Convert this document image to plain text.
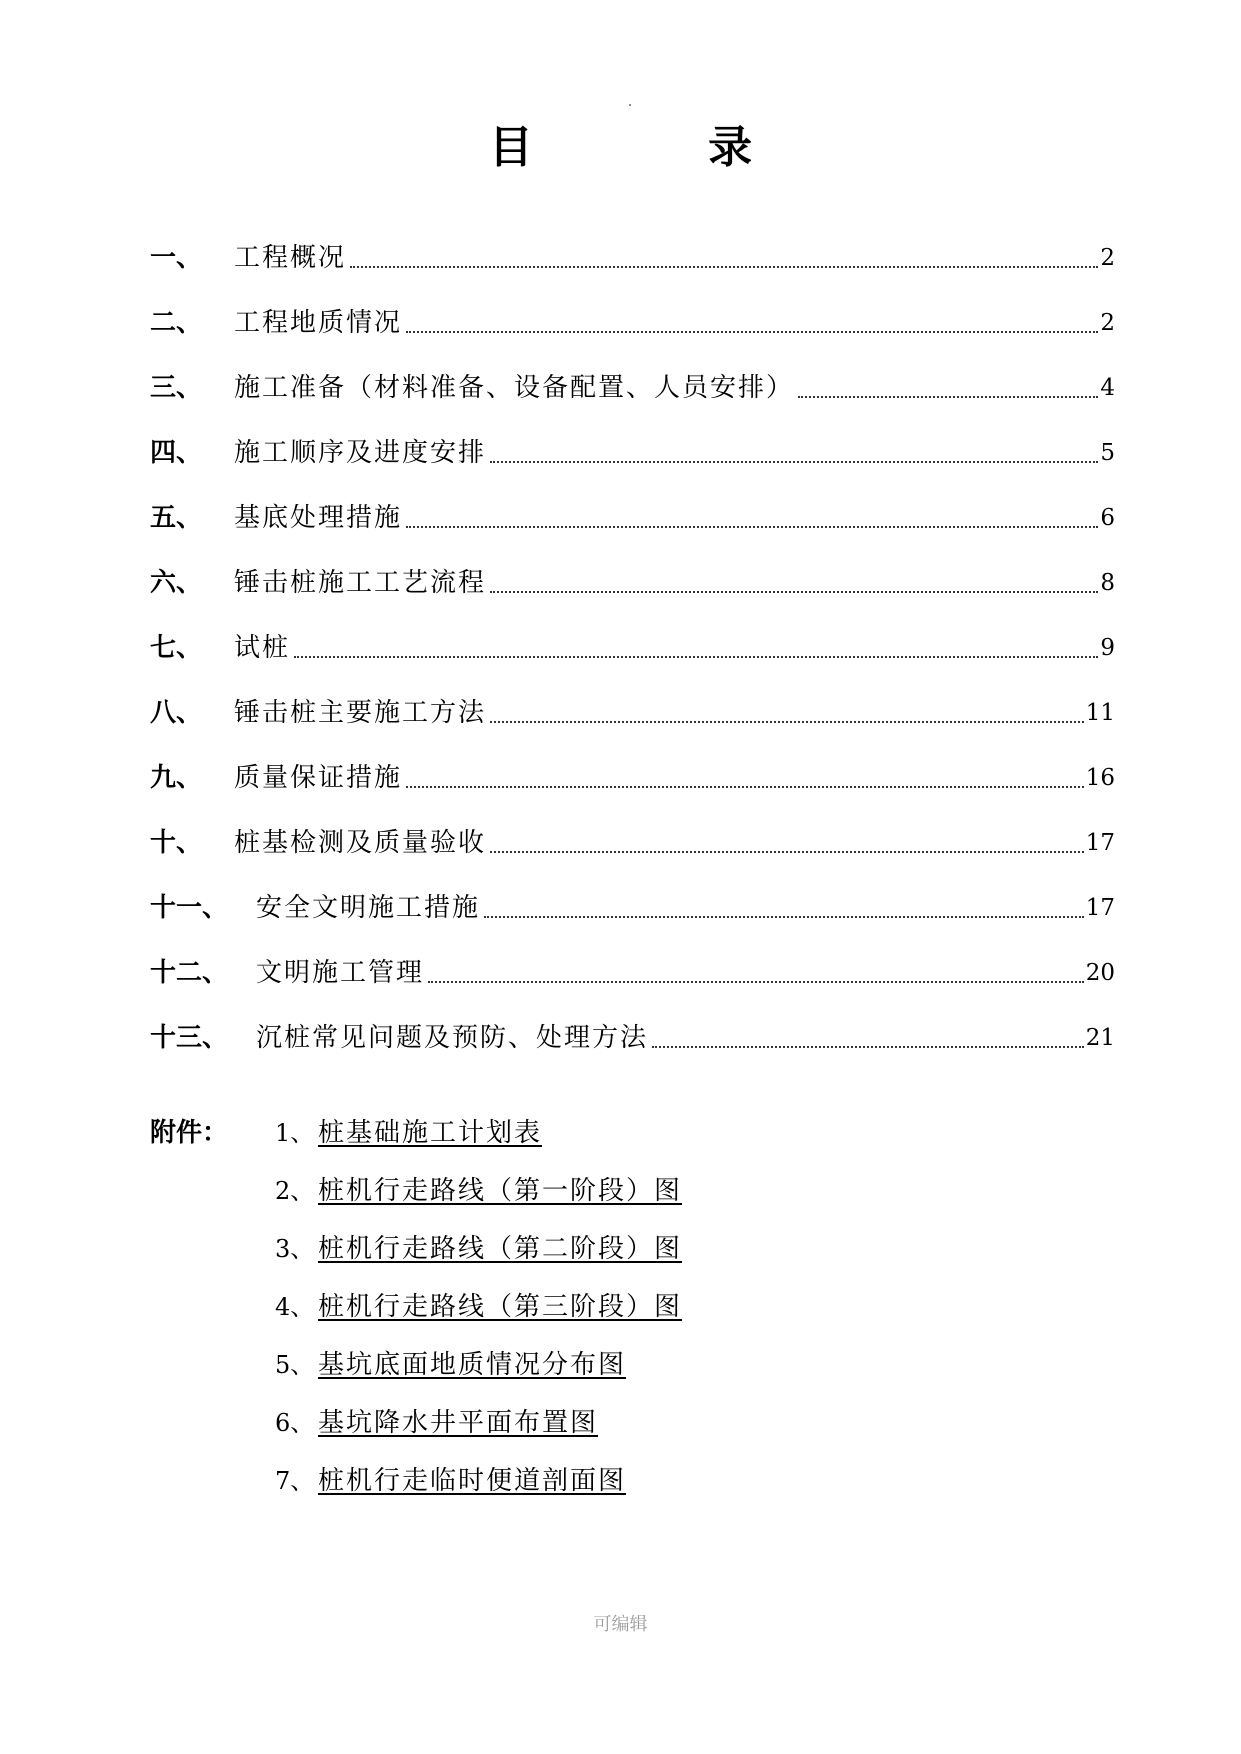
目 录
一、	工程概况	2
二、	工程地质情况	2
三、	施工准备（材料准备、设备配置、人员安排）	4
四、	施工顺序及进度安排	5
五、	基底处理措施	6
六、	锤击桩施工工艺流程	8
七、	试桩	9
八、	锤击桩主要施工方法	11
九、	质量保证措施	16
十、	桩基检测及质量验收	17
十一、	安全文明施工措施	17
十二、	文明施工管理	20
十三、	沉桩常见问题及预防、处理方法	21
附件：	1、 桩基础施工计划表
2、 桩机行走路线（第一阶段）图
3、 桩机行走路线（第二阶段）图
4、 桩机行走路线（第三阶段）图
5、 基坑底面地质情况分布图
6、 基坑降水井平面布置图
7、 桩机行走临时便道剖面图
可编辑
